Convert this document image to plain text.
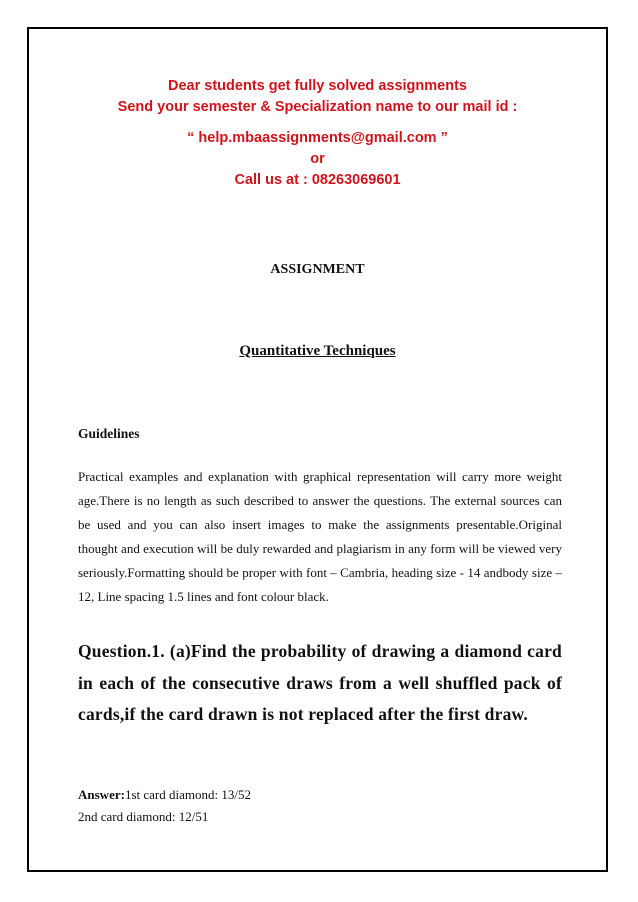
Dear students get fully solved assignments
Send your semester & Specialization name to our mail id :
“ help.mbaassignments@gmail.com ”
or
Call us at : 08263069601
ASSIGNMENT
Quantitative Techniques
Guidelines
Practical examples and explanation with graphical representation will carry more weight age.There is no length as such described to answer the questions. The external sources can be used and you can also insert images to make the assignments presentable.Original thought and execution will be duly rewarded and plagiarism in any form will be viewed very seriously.Formatting should be proper with font – Cambria, heading size - 14 andbody size – 12, Line spacing 1.5 lines and font colour black.
Question.1. (a)Find the probability of drawing a diamond card in each of the consecutive draws from a well shuffled pack of cards,if the card drawn is not replaced after the first draw.
Answer:1st card diamond: 13/52
2nd card diamond: 12/51
